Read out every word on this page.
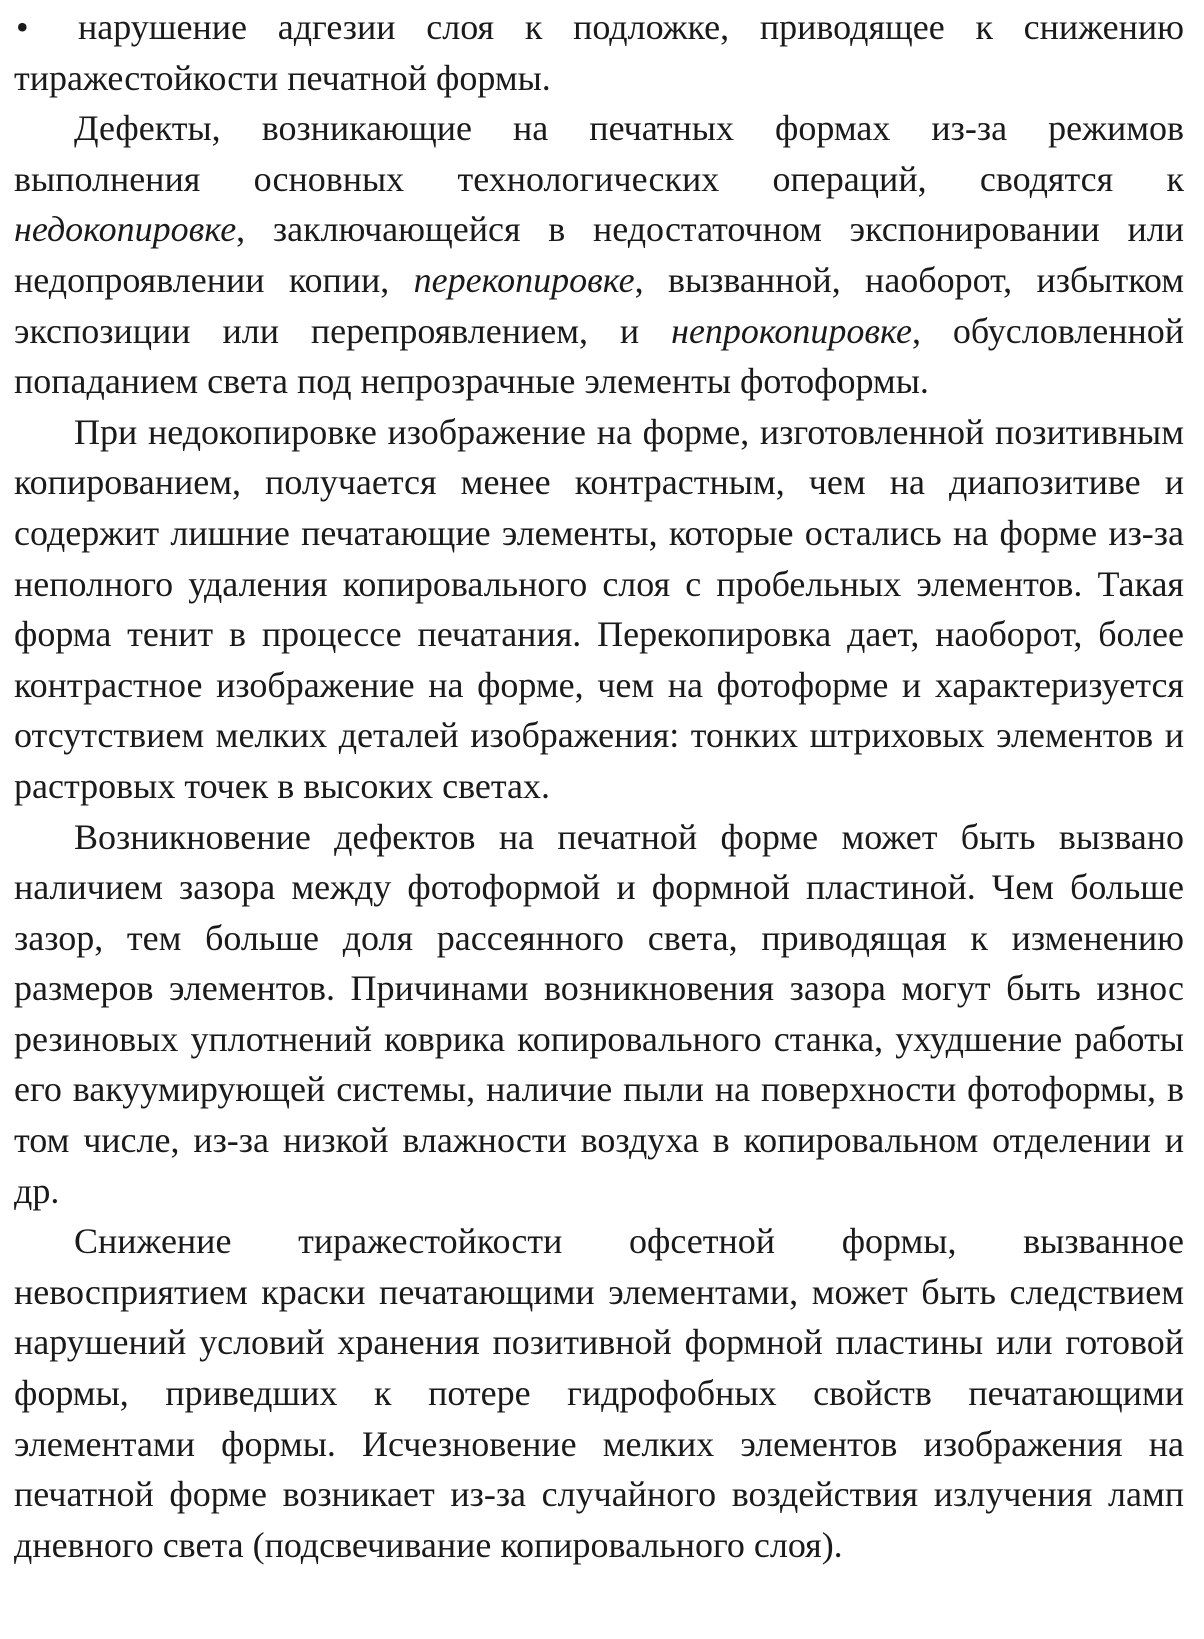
• нарушение адгезии слоя к подложке, приводящее к снижению тиражестойкости печатной формы.

Дефекты, возникающие на печатных формах из-за режимов выполнения основных технологических операций, сводятся к недокопировке, заключающейся в недостаточном экспонировании или недопроявлении копии, перекопировке, вызванной, наоборот, избытком экспозиции или перепроявлением, и непрокопировке, обусловленной попаданием света под непрозрачные элементы фотоформы.

При недокопировке изображение на форме, изготовленной позитивным копированием, получается менее контрастным, чем на диапозитиве и содержит лишние печатающие элементы, которые остались на форме из-за неполного удаления копировального слоя с пробельных элементов. Такая форма тенит в процессе печатания. Перекопировка дает, наоборот, более контрастное изображение на форме, чем на фотоформе и характеризуется отсутствием мелких деталей изображения: тонких штриховых элементов и растровых точек в высоких светах.

Возникновение дефектов на печатной форме может быть вызвано наличием зазора между фотоформой и формной пластиной. Чем больше зазор, тем больше доля рассеянного света, приводящая к изменению размеров элементов. Причинами возникновения зазора могут быть износ резиновых уплотнений коврика копировального станка, ухудшение работы его вакуумирующей системы, наличие пыли на поверхности фотоформы, в том числе, из-за низкой влажности воздуха в копировальном отделении и др.

Снижение тиражестойкости офсетной формы, вызванное невосприятием краски печатающими элементами, может быть следствием нарушений условий хранения позитивной формной пластины или готовой формы, приведших к потере гидрофобных свойств печатающими элементами формы. Исчезновение мелких элементов изображения на печатной форме возникает из-за случайного воздействия излучения ламп дневного света (подсвечивание копировального слоя).
